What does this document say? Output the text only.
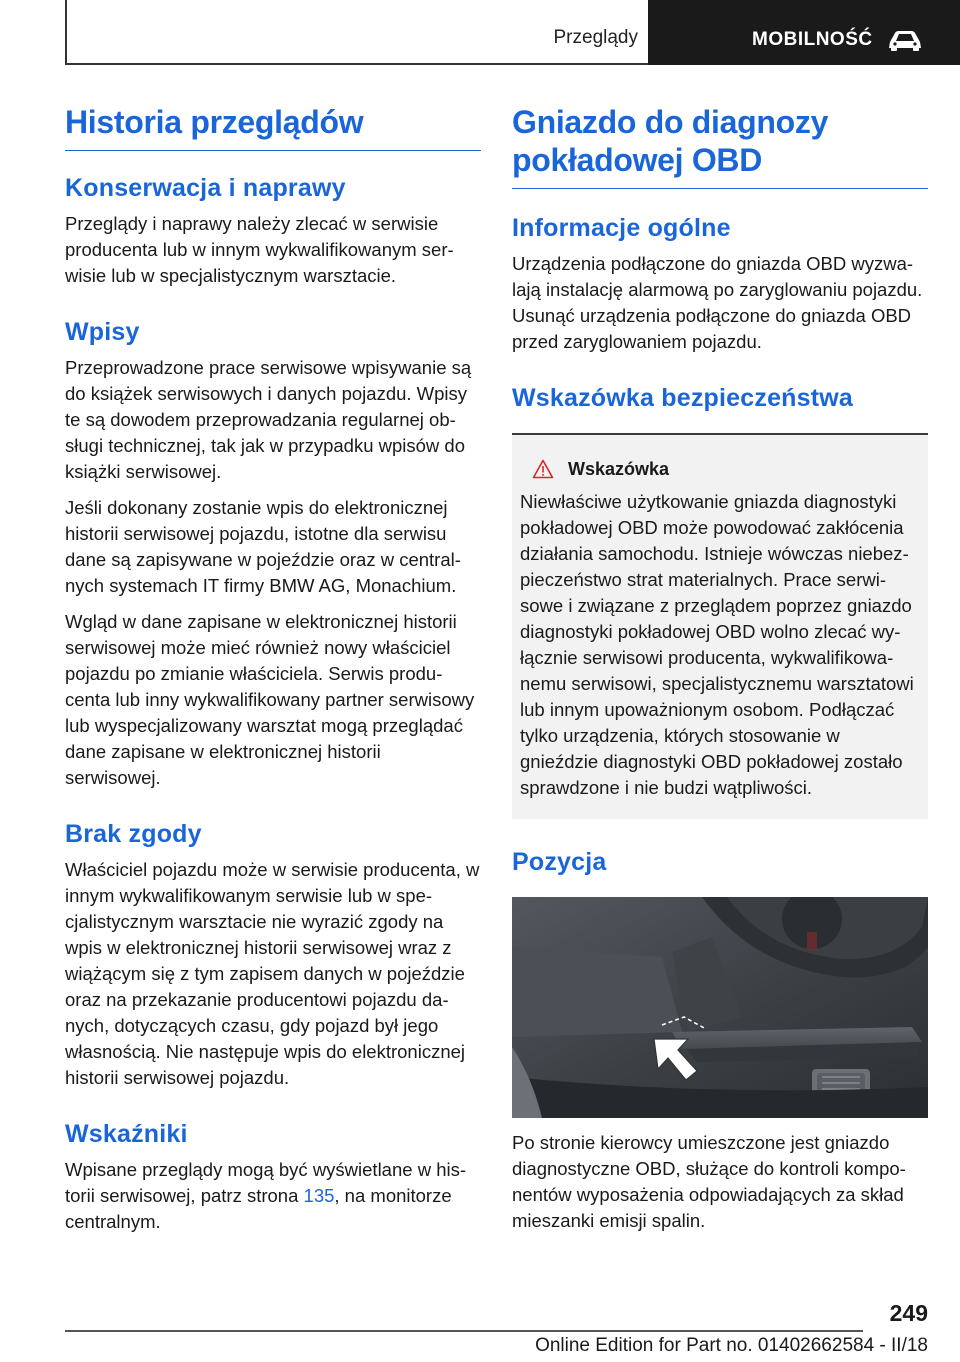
Przeglądy	MOBILNOŚĆ
Historia przeglądów
Konserwacja i naprawy

Przeglądy i naprawy należy zlecać w serwisie producenta lub w innym wykwalifikowanym serwisie lub w specjalistycznym warsztacie.

Wpisy

Przeprowadzone prace serwisowe wpisywanie są do książek serwisowych i danych pojazdu. Wpisy te są dowodem przeprowadzania regularnej obsługi technicznej, tak jak w przypadku wpisów do książki serwisowej.

Jeśli dokonany zostanie wpis do elektronicznej historii serwisowej pojazdu, istotne dla serwisu dane są zapisywane w pojeździe oraz w centralnych systemach IT firmy BMW AG, Monachium.

Wgląd w dane zapisane w elektronicznej historii serwisowej może mieć również nowy właściciel pojazdu po zmianie właściciela. Serwis producenta lub inny wykwalifikowany partner serwisowy lub wyspecjalizowany warsztat mogą przeglądać dane zapisane w elektronicznej historii serwisowej.

Brak zgody

Właściciel pojazdu może w serwisie producenta, w innym wykwalifikowanym serwisie lub w specjalistycznym warsztacie nie wyrazić zgody na wpis w elektronicznej historii serwisowej wraz z wiążącym się z tym zapisem danych w pojeździe oraz na przekazanie producentowi pojazdu danych, dotyczących czasu, gdy pojazd był jego własnością. Nie następuje wpis do elektronicznej historii serwisowej pojazdu.

Wskaźniki

Wpisane przeglądy mogą być wyświetlane w historii serwisowej, patrz strona 135, na monitorze centralnym.

Gniazdo do diagnozy pokładowej OBD
Informacje ogólne

Urządzenia podłączone do gniazda OBD wyzwalają instalację alarmową po zaryglowaniu pojazdu. Usunąć urządzenia podłączone do gniazda OBD przed zaryglowaniem pojazdu.

Wskazówka bezpieczeństwa
Wskazówka

Niewłaściwe użytkowanie gniazda diagnostyki pokładowej OBD może powodować zakłócenia działania samochodu. Istnieje wówczas niebezpieczeństwo strat materialnych. Prace serwisowe i związane z przeglądem poprzez gniazdo diagnostyki pokładowej OBD wolno zlecać wyłącznie serwisowi producenta, wykwalifikowanemu serwisowi, specjalistycznemu warsztatowi lub innym upoważnionym osobom. Podłączać tylko urządzenia, których stosowanie w gnieździe diagnostyki OBD pokładowej zostało sprawdzone i nie budzi wątpliwości.

Pozycja

Po stronie kierowcy umieszczone jest gniazdo diagnostyczne OBD, służące do kontroli komponentów wyposażenia odpowiadających za skład mieszanki emisji spalin.

249
Online Edition for Part no. 01402662584 - II/18
